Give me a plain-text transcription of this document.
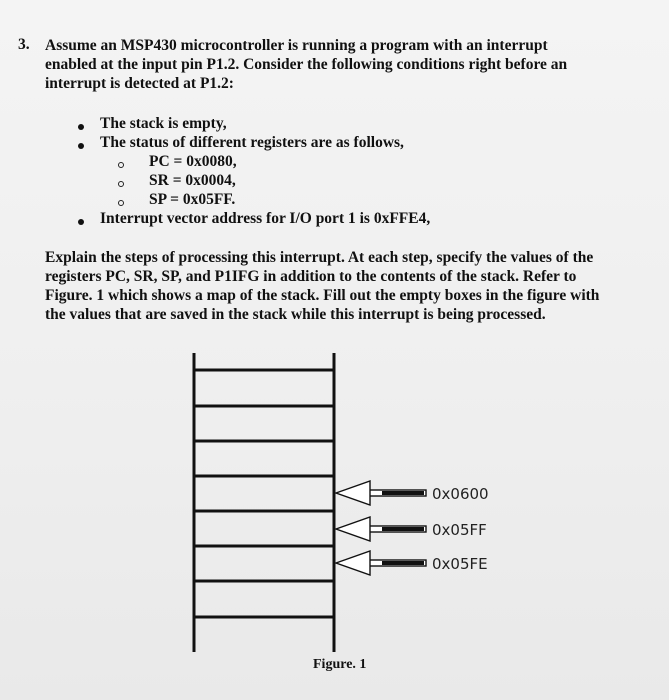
3. Assume an MSP430 microcontroller is running a program with an interrupt
enabled at the input pin P1.2. Consider the following conditions right before an
interrupt is detected at P1.2:
The stack is empty,
The status of different registers are as follows,
PC = 0x0080,
SR = 0x0004,
SP = 0x05FF.
Interrupt vector address for I/O port 1 is 0xFFE4,
Explain the steps of processing this interrupt. At each step, specify the values of the
registers PC, SR, SP, and P1IFG in addition to the contents of the stack. Refer to
Figure. 1 which shows a map of the stack. Fill out the empty boxes in the figure with
the values that are saved in the stack while this interrupt is being processed.
0x0600
0x05FF
0x05FE
Figure. 1
